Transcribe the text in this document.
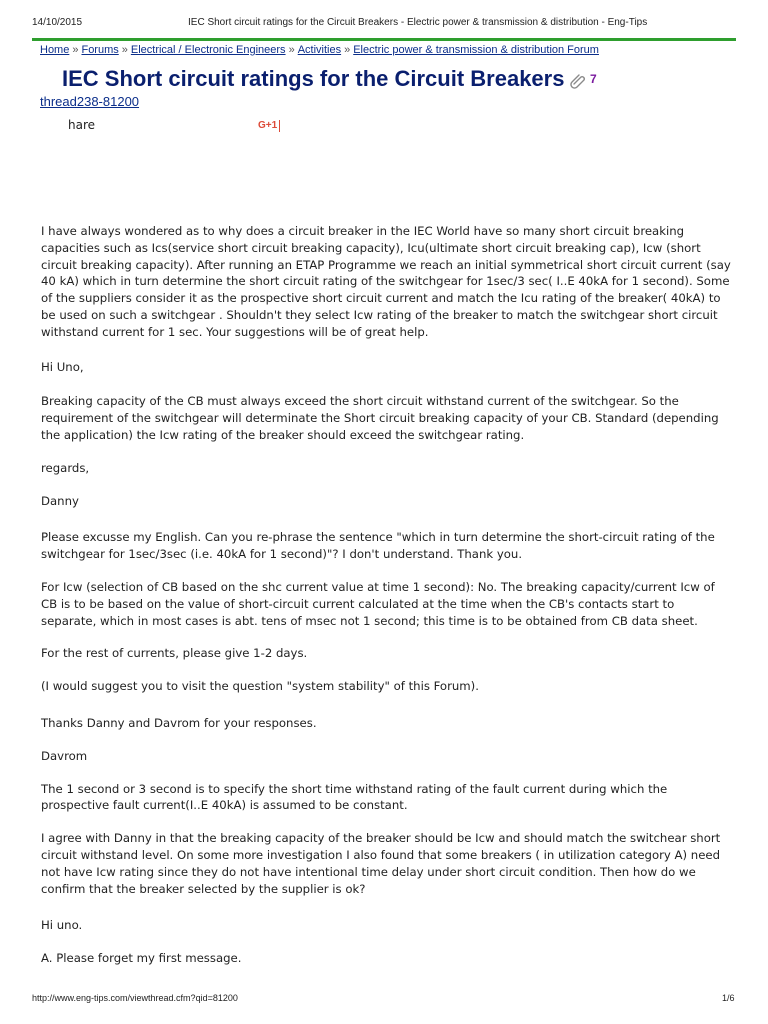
14/10/2015	IEC Short circuit ratings for the Circuit Breakers - Electric power & transmission & distribution - Eng-Tips
Home » Forums » Electrical / Electronic Engineers » Activities » Electric power & transmission & distribution Forum
IEC Short circuit ratings for the Circuit Breakers 7
thread238-81200
hare	G+1

I have always wondered as to why does a circuit breaker in the IEC World have so many short circuit breaking capacities such as Ics(service short circuit breaking capacity), Icu(ultimate short circuit breaking cap), Icw (short circuit breaking capacity). After running an ETAP Programme we reach an initial symmetrical short circuit current (say 40 kA) which in turn determine the short circuit rating of the switchgear for 1sec/3 sec( I..E 40kA for 1 second). Some of the suppliers consider it as the prospective short circuit current and match the Icu rating of the breaker( 40kA) to be used on such a switchgear . Shouldn't they select Icw rating of the breaker to match the switchgear short circuit withstand current for 1 sec. Your suggestions will be of great help.

Hi Uno,

Breaking capacity of the CB must always exceed the short circuit withstand current of the switchgear. So the requirement of the switchgear will determinate the Short circuit breaking capacity of your CB. Standard (depending the application) the Icw rating of the breaker should exceed the switchgear rating.

regards,

Danny

Please excusse my English. Can you re-phrase the sentence "which in turn determine the short-circuit rating of the switchgear for 1sec/3sec (i.e. 40kA for 1 second)"? I don't understand. Thank you.

For Icw (selection of CB based on the shc current value at time 1 second): No. The breaking capacity/current Icw of CB is to be based on the value of short-circuit current calculated at the time when the CB's contacts start to separate, which in most cases is abt. tens of msec not 1 second; this time is to be obtained from CB data sheet.

For the rest of currents, please give 1-2 days.

(I would suggest you to visit the question "system stability" of this Forum).

Thanks Danny and Davrom for your responses.

Davrom

The 1 second or 3 second is to specify the short time withstand rating of the fault current during which the prospective fault current(I..E 40kA) is assumed to be constant.

I agree with Danny in that the breaking capacity of the breaker should be Icw and should match the switchear short circuit withstand level. On some more investigation I also found that some breakers ( in utilization category A) need not have Icw rating since they do not have intentional time delay under short circuit condition. Then how do we confirm that the breaker selected by the supplier is ok?

Hi uno.

A. Please forget my first message.

http://www.eng-tips.com/viewthread.cfm?qid=81200	1/6
